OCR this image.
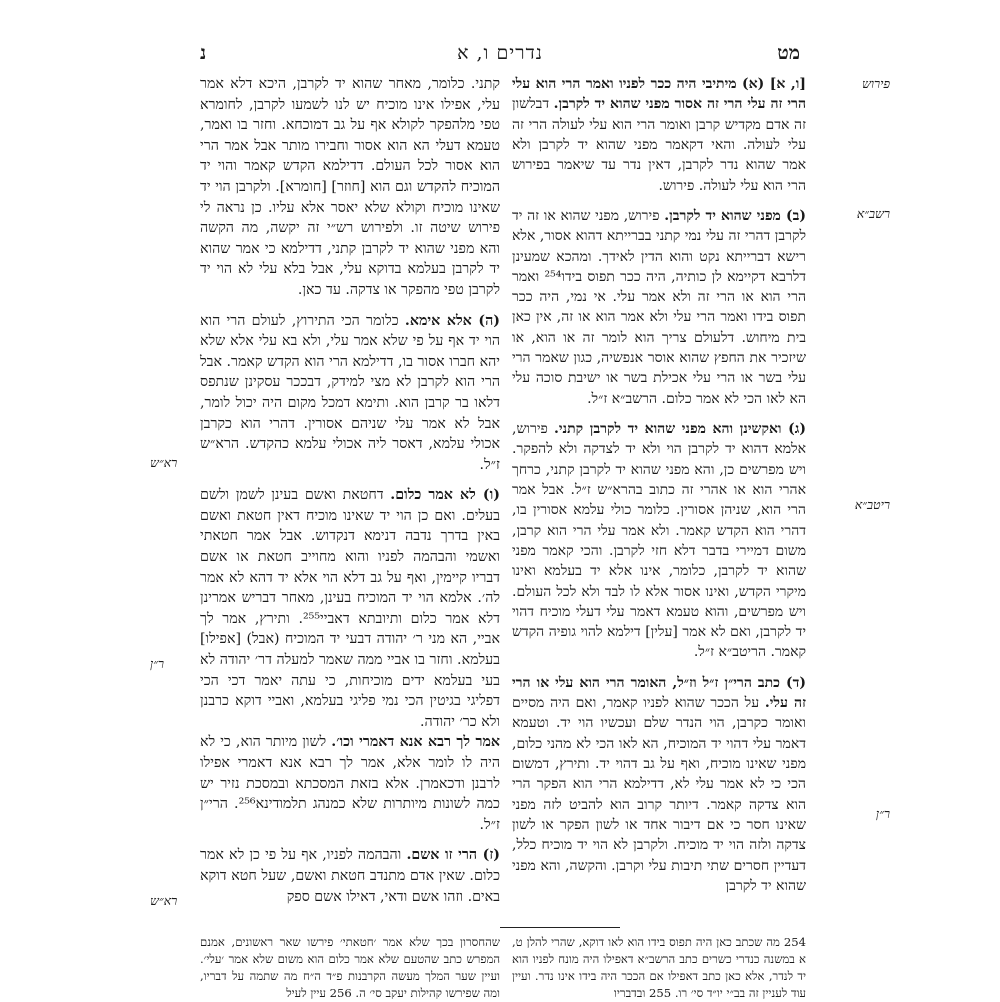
מט
נדרים ו, א
נ
פירוש
רשב״א
ריטב״א
ר״ן
רא״ש
ר״ן
רא״ש

[ו, א] (א) מיתיבי היה ככר לפניו ואמר הרי הוא עלי הרי זה עלי הרי זה אסור מפני שהוא יד לקרבן. דבלשון זה אדם מקדיש קרבן ואומר הרי הוא עלי לעולה הרי זה עלי לעולה. והאי דקאמר מפני שהוא יד לקרבן ולא אמר שהוא נדר לקרבן, דאין נדר עד שיאמר בפירוש הרי הוא עלי לעולה. פירוש.

(ב) מפני שהוא יד לקרבן. פירוש, מפני שהוא או זה יד לקרבן דהרי זה עלי נמי קתני בברייתא דהוא אסור, אלא רישא דברייתא נקט והוא הדין לאידך. ומהכא שמעינן דלרבא דקיימא לן כותיה, היה ככר תפוס בידו²⁵⁴ ואמר הרי הוא או הרי זה ולא אמר עלי. אי נמי, היה ככר תפוס בידו ואמר הרי עלי ולא אמר הוא או זה, אין כאן בית מיחוש. דלעולם צריך הוא לומר זה או הוא, או שיזכיר את החפץ שהוא אוסר אנפשיה, כגון שאמר הרי עלי בשר או הרי עלי אכילת בשר או ישיבת סוכה עלי הא לאו הכי לא אמר כלום. הרשב״א ז״ל.

(ג) ואקשינן והא מפני שהוא יד לקרבן קתני. פירוש, אלמא דהוא יד לקרבן הוי ולא יד לצדקה ולא להפקר. ויש מפרשים כן, והא מפני שהוא יד לקרבן קתני, כרחך אהרי הוא או אהרי זה כתוב בהרא״ש ז״ל. אבל אמר הרי הוא, שניהן אסורין. כלומר כולי עלמא אסורין בו, דהרי הוא הקדש קאמר. ולא אמר עלי הרי הוא קרבן, משום דמיירי בדבר דלא חזי לקרבן. והכי קאמר מפני שהוא יד לקרבן, כלומר, אינו אלא יד בעלמא ואינו מיקרי הקדש, ואינו אסור אלא לו לבד ולא לכל העולם. ויש מפרשים, והוא טעמא דאמר עלי דעלי מוכיח דהוי יד לקרבן, ואם לא אמר [עלין] דילמא להוי גופיה הקדש קאמר. הריטב״א ז״ל.

(ד) כתב הרי״ן ז״ל וז״ל, האומר הרי הוא עלי או הרי זה עלי. על הככר שהוא לפניו קאמר, ואם היה מסיים ואומר כקרבן, הוי הנדר שלם ועכשיו הוי יד. וטעמא דאמר עלי דהוי יד המוכיח, הא לאו הכי לא מהני כלום, מפני שאינו מוכיח, ואף על גב דהוי יד. ותירץ, דמשום הכי כי לא אמר עלי לא, דדילמא הרי הוא הפקר הרי הוא צדקה קאמר. דיותר קרוב הוא להביט לזה מפני שאינו חסר כי אם דיבור אחד או לשון הפקר או לשון צדקה ולזה הוי יד מוכיח. ולקרבן לא הוי יד מוכיח כלל, דעדיין חסרים שתי תיבות עלי וקרבן. והקשה, והא מפני שהוא יד לקרבן

קתני. כלומר, מאחר שהוא יד לקרבן, היכא דלא אמר עלי, אפילו אינו מוכיח יש לנו לשמעו לקרבן, לחומרא טפי מלהפקר לקולא אף על גב דמוכחא. וחזר בו ואמר, טעמא דעלי הא הוא אסור וחבירו מותר אבל אמר הרי הוא אסור לכל העולם. דדילמא הקדש קאמר והוי יד המוכיח להקדש וגם הוא [חוזר] [חומרא]. ולקרבן הוי יד שאינו מוכיח וקולא שלא יאסר אלא עליו. כן נראה לי פירוש שיטה זו. ולפירוש רש״י זה יקשה, מה הקשה והא מפני שהוא יד לקרבן קתני, דדילמא כי אמר שהוא יד לקרבן בעלמא בדוקא עלי, אבל בלא עלי לא הוי יד לקרבן טפי מהפקר או צדקה. עד כאן.

(ה) אלא אימא. כלומר הכי התירוץ, לעולם הרי הוא הוי יד אף על פי שלא אמר עלי, ולא בא עלי אלא שלא יהא חברו אסור בו, דדילמא הרי הוא הקדש קאמר. אבל הרי הוא לקרבן לא מצי למידק, דבככר עסקינן שנתפס דלאו בר קרבן הוא. ותימא דמכל מקום היה יכול לומר, אבל לא אמר עלי שניהם אסורין. דהרי הוא כקרבן אכולי עלמא, דאסר ליה אכולי עלמא כהקדש. הרא״ש ז״ל.

(ו) לא אמר כלום. דחטאת ואשם בעינן לשמן ולשם בעלים. ואם כן הוי יד שאינו מוכיח דאין חטאת ואשם באין בדרך נדבה דנימא דנקדוש. אבל אמר חטאתי ואשמי והבהמה לפניו והוא מחוייב חטאת או אשם דבריו קיימין, ואף על גב דלא הוי אלא יד דהא לא אמר לה׳. אלמא הוי יד המוכיח בעינן, מאחר דבריש אמרינן דלא אמר כלום ותיובתא דאביי²⁵⁵. ותירץ, אמר לך אביי, הא מני ר׳ יהודה דבעי יד המוכיח (אבל) [אפילו] בעלמא. וחזר בו אביי ממה שאמר למעלה דר׳ יהודה לא בעי בעלמא ידים מוכיחות, כי עתה יאמר דכי הכי דפליגי בגיטין הכי נמי פליגי בעלמא, ואביי דוקא כרבנן ולא כר׳ יהודה.

אמר לך רבא אנא דאמרי וכו׳. לשון מיותר הוא, כי לא היה לו לומר אלא, אמר לך רבא אנא דאמרי אפילו לרבנן ודכאמרן. אלא בזאת המסכתא ובמסכת נזיר יש כמה לשונות מיותרות שלא כמנהג תלמודינא²⁵⁶. הרי״ן ז״ל.

(ז) הרי זו אשם. והבהמה לפניו, אף על פי כן לא אמר כלום. שאין אדם מתנדב חטאת ואשם, שעל חטא דוקא באים. וזהו אשם ודאי, דאילו אשם ספק

254 מה שכתב כאן היה תפוס בידו הוא לאו דוקא, שהרי להלן ט, א במשנה כנדרי כשרים כתב הרשב״א דאפילו היה מונח לפניו הוא יד לנדר, אלא כאן כתב דאפילו אם הככר היה בידו אינו נדר. ועיין עוד לעניין זה בב״י יו״ד סי׳ רו. 255 ובדבריו
שהחסרון בכך שלא אמר ׳חטאתי׳ פירשו שאר ראשונים, אמנם המפרש כתב שהטעם שלא אמר כלום הוא משום שלא אמר ׳עלי׳. ועיין שער המלך מעשה הקרבנות פ״ד ה״ח מה שתמה על דבריו, ומה שפירשו קהילות יעקב סי׳ ה. 256 עיין לעיל
